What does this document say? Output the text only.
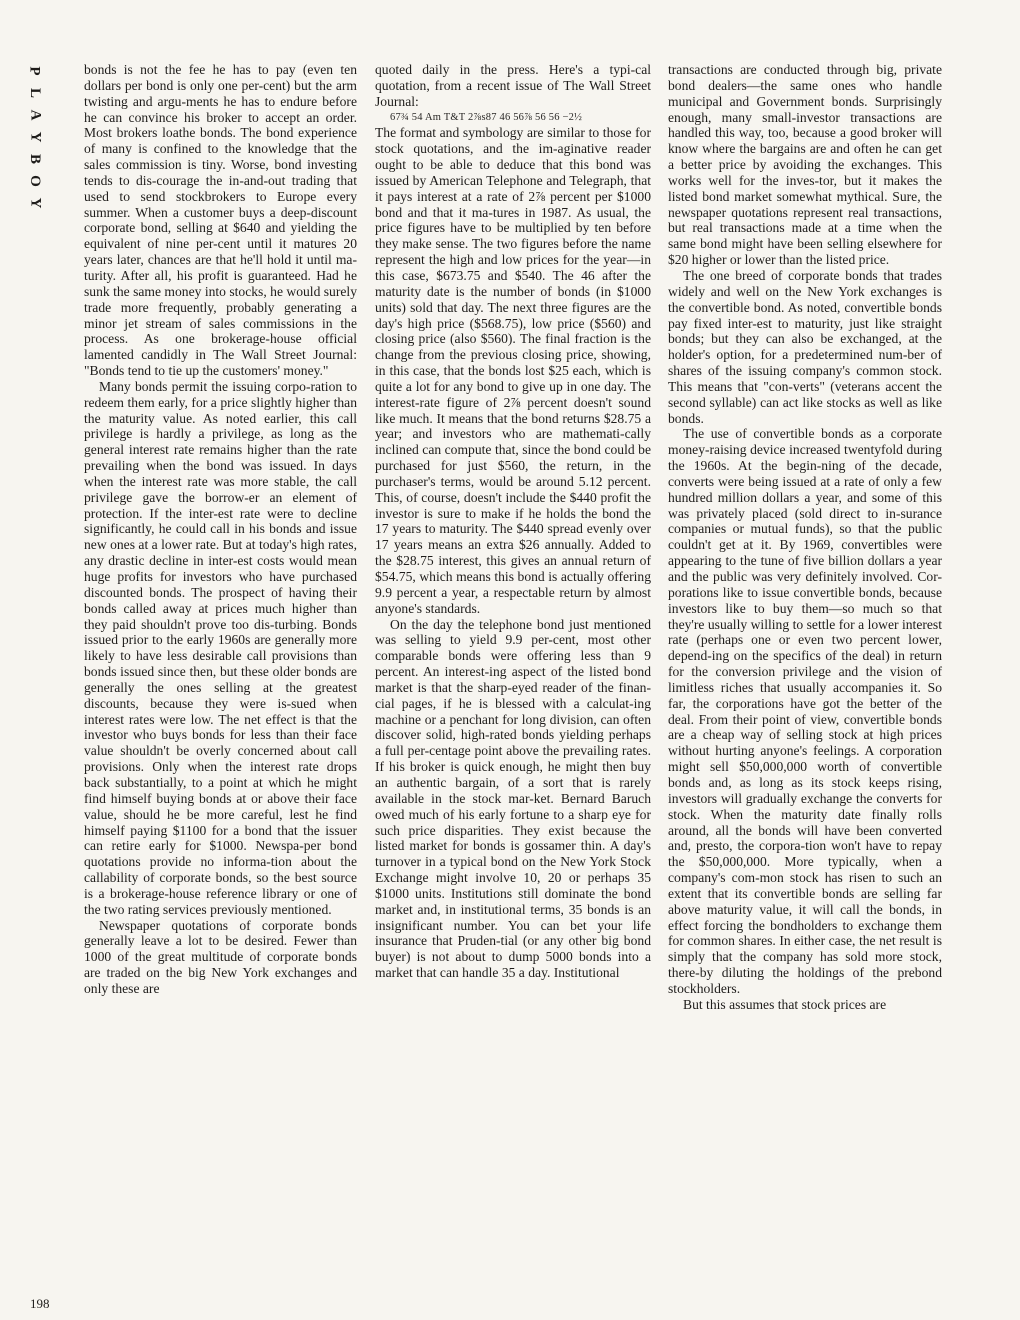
P
L
A
Y
B
O
Y

bonds is not the fee he has to pay (even ten dollars per bond is only one per-cent) but the arm twisting and argu-ments he has to endure before he can convince his broker to accept an order. Most brokers loathe bonds. The bond experience of many is confined to the knowledge that the sales commission is tiny. Worse, bond investing tends to dis-courage the in-and-out trading that used to send stockbrokers to Europe every summer. When a customer buys a deep-discount corporate bond, selling at $640 and yielding the equivalent of nine per-cent until it matures 20 years later, chances are that he'll hold it until ma-turity. After all, his profit is guaranteed. Had he sunk the same money into stocks, he would surely trade more frequently, probably generating a minor jet stream of sales commissions in the process. As one brokerage-house official lamented candidly in The Wall Street Journal: "Bonds tend to tie up the customers' money."

Many bonds permit the issuing corpo-ration to redeem them early, for a price slightly higher than the maturity value. As noted earlier, this call privilege is hardly a privilege, as long as the general interest rate remains higher than the rate prevailing when the bond was issued. In days when the interest rate was more stable, the call privilege gave the borrow-er an element of protection. If the inter-est rate were to decline significantly, he could call in his bonds and issue new ones at a lower rate. But at today's high rates, any drastic decline in inter-est costs would mean huge profits for investors who have purchased discounted bonds. The prospect of having their bonds called away at prices much higher than they paid shouldn't prove too dis-turbing. Bonds issued prior to the early 1960s are generally more likely to have less desirable call provisions than bonds issued since then, but these older bonds are generally the ones selling at the greatest discounts, because they were is-sued when interest rates were low. The net effect is that the investor who buys bonds for less than their face value shouldn't be overly concerned about call provisions. Only when the interest rate drops back substantially, to a point at which he might find himself buying bonds at or above their face value, should he be more careful, lest he find himself paying $1100 for a bond that the issuer can retire early for $1000. Newspa-per bond quotations provide no informa-tion about the callability of corporate bonds, so the best source is a brokerage-house reference library or one of the two rating services previously mentioned.

Newspaper quotations of corporate bonds generally leave a lot to be desired. Fewer than 1000 of the great multitude of corporate bonds are traded on the big New York exchanges and only these are

quoted daily in the press. Here's a typi-cal quotation, from a recent issue of The Wall Street Journal:

67¾ 54 Am T&T 2⅞s87 46 56⅞ 56 56 −2½

The format and symbology are similar to those for stock quotations, and the im-aginative reader ought to be able to deduce that this bond was issued by American Telephone and Telegraph, that it pays interest at a rate of 2⅞ percent per $1000 bond and that it ma-tures in 1987. As usual, the price figures have to be multiplied by ten before they make sense. The two figures before the name represent the high and low prices for the year—in this case, $673.75 and $540. The 46 after the maturity date is the number of bonds (in $1000 units) sold that day. The next three figures are the day's high price ($568.75), low price ($560) and closing price (also $560). The final fraction is the change from the previous closing price, showing, in this case, that the bonds lost $25 each, which is quite a lot for any bond to give up in one day. The interest-rate figure of 2⅞ percent doesn't sound like much. It means that the bond returns $28.75 a year; and investors who are mathemati-cally inclined can compute that, since the bond could be purchased for just $560, the return, in the purchaser's terms, would be around 5.12 percent. This, of course, doesn't include the $440 profit the investor is sure to make if he holds the bond the 17 years to maturity. The $440 spread evenly over 17 years means an extra $26 annually. Added to the $28.75 interest, this gives an annual return of $54.75, which means this bond is actually offering 9.9 percent a year, a respectable return by almost anyone's standards.

On the day the telephone bond just mentioned was selling to yield 9.9 per-cent, most other comparable bonds were offering less than 9 percent. An interest-ing aspect of the listed bond market is that the sharp-eyed reader of the finan-cial pages, if he is blessed with a calculat-ing machine or a penchant for long division, can often discover solid, high-rated bonds yielding perhaps a full per-centage point above the prevailing rates. If his broker is quick enough, he might then buy an authentic bargain, of a sort that is rarely available in the stock mar-ket. Bernard Baruch owed much of his early fortune to a sharp eye for such price disparities. They exist because the listed market for bonds is gossamer thin. A day's turnover in a typical bond on the New York Stock Exchange might involve 10, 20 or perhaps 35 $1000 units. Institutions still dominate the bond market and, in institutional terms, 35 bonds is an insignificant number. You can bet your life insurance that Pruden-tial (or any other big bond buyer) is not about to dump 5000 bonds into a market that can handle 35 a day. Institutional

transactions are conducted through big, private bond dealers—the same ones who handle municipal and Government bonds. Surprisingly enough, many small-investor transactions are handled this way, too, because a good broker will know where the bargains are and often he can get a better price by avoiding the exchanges. This works well for the inves-tor, but it makes the listed bond market somewhat mythical. Sure, the newspaper quotations represent real transactions, but real transactions made at a time when the same bond might have been selling elsewhere for $20 higher or lower than the listed price.

The one breed of corporate bonds that trades widely and well on the New York exchanges is the convertible bond. As noted, convertible bonds pay fixed inter-est to maturity, just like straight bonds; but they can also be exchanged, at the holder's option, for a predetermined num-ber of shares of the issuing company's common stock. This means that "con-verts" (veterans accent the second syllable) can act like stocks as well as like bonds.

The use of convertible bonds as a corporate money-raising device increased twentyfold during the 1960s. At the begin-ning of the decade, converts were being issued at a rate of only a few hundred million dollars a year, and some of this was privately placed (sold direct to in-surance companies or mutual funds), so that the public couldn't get at it. By 1969, convertibles were appearing to the tune of five billion dollars a year and the public was very definitely involved. Cor-porations like to issue convertible bonds, because investors like to buy them—so much so that they're usually willing to settle for a lower interest rate (perhaps one or even two percent lower, depend-ing on the specifics of the deal) in return for the conversion privilege and the vision of limitless riches that usually accompanies it. So far, the corporations have got the better of the deal. From their point of view, convertible bonds are a cheap way of selling stock at high prices without hurting anyone's feelings. A corporation might sell $50,000,000 worth of convertible bonds and, as long as its stock keeps rising, investors will gradually exchange the converts for stock. When the maturity date finally rolls around, all the bonds will have been converted and, presto, the corpora-tion won't have to repay the $50,000,000. More typically, when a company's com-mon stock has risen to such an extent that its convertible bonds are selling far above maturity value, it will call the bonds, in effect forcing the bondholders to exchange them for common shares. In either case, the net result is simply that the company has sold more stock, there-by diluting the holdings of the prebond stockholders.

But this assumes that stock prices are

198
